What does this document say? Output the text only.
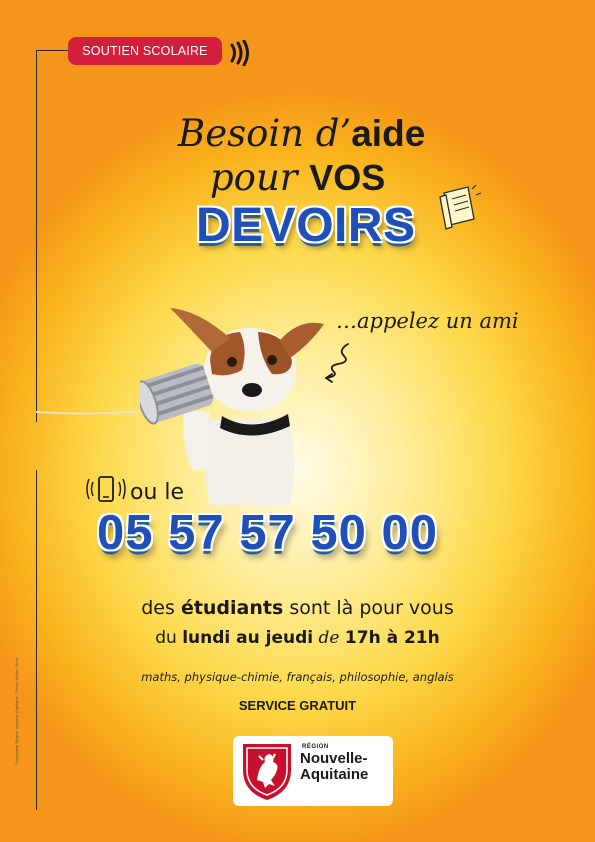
SOUTIEN SCOLAIRE
Besoin d’aide
pour VOS
DEVOIRS
…appelez un ami
ou le
05 57 57 50 00
des étudiants sont là pour vous
du lundi au jeudi de 17h à 21h
maths, physique-chimie, français, philosophie, anglais
SERVICE GRATUIT
RÉGION
Nouvelle-
Aquitaine
Conception Région Nouvelle-Aquitaine · Photo: Adobe Stock
